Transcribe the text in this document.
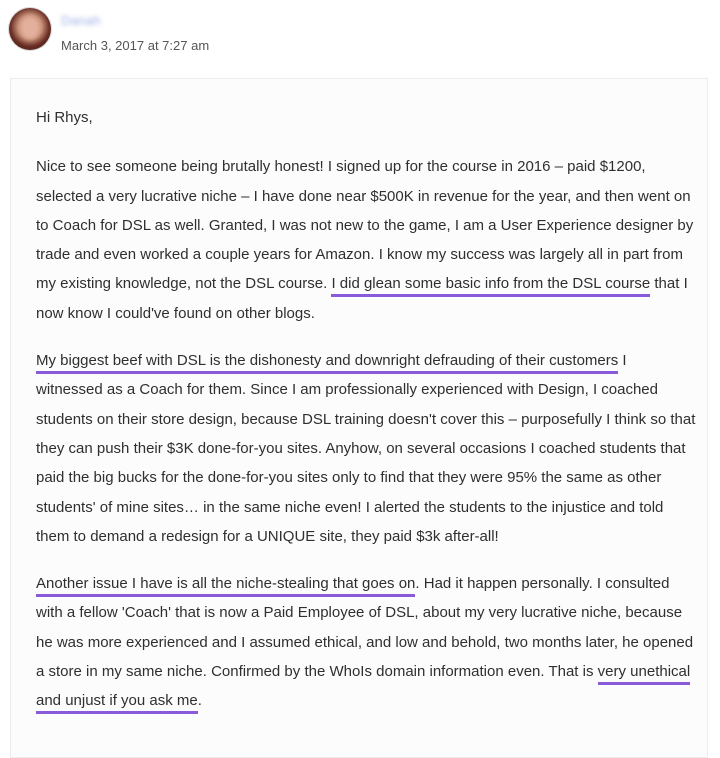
Danah
March 3, 2017 at 7:27 am

Hi Rhys,

Nice to see someone being brutally honest! I signed up for the course in 2016 – paid $1200, selected a very lucrative niche – I have done near $500K in revenue for the year, and then went on to Coach for DSL as well. Granted, I was not new to the game, I am a User Experience designer by trade and even worked a couple years for Amazon. I know my success was largely all in part from my existing knowledge, not the DSL course. I did glean some basic info from the DSL course that I now know I could've found on other blogs.

My biggest beef with DSL is the dishonesty and downright defrauding of their customers I witnessed as a Coach for them. Since I am professionally experienced with Design, I coached students on their store design, because DSL training doesn't cover this – purposefully I think so that they can push their $3K done-for-you sites. Anyhow, on several occasions I coached students that paid the big bucks for the done-for-you sites only to find that they were 95% the same as other students' of mine sites… in the same niche even! I alerted the students to the injustice and told them to demand a redesign for a UNIQUE site, they paid $3k after-all!

Another issue I have is all the niche-stealing that goes on. Had it happen personally. I consulted with a fellow 'Coach' that is now a Paid Employee of DSL, about my very lucrative niche, because he was more experienced and I assumed ethical, and low and behold, two months later, he opened a store in my same niche. Confirmed by the WhoIs domain information even. That is very unethical and unjust if you ask me.
